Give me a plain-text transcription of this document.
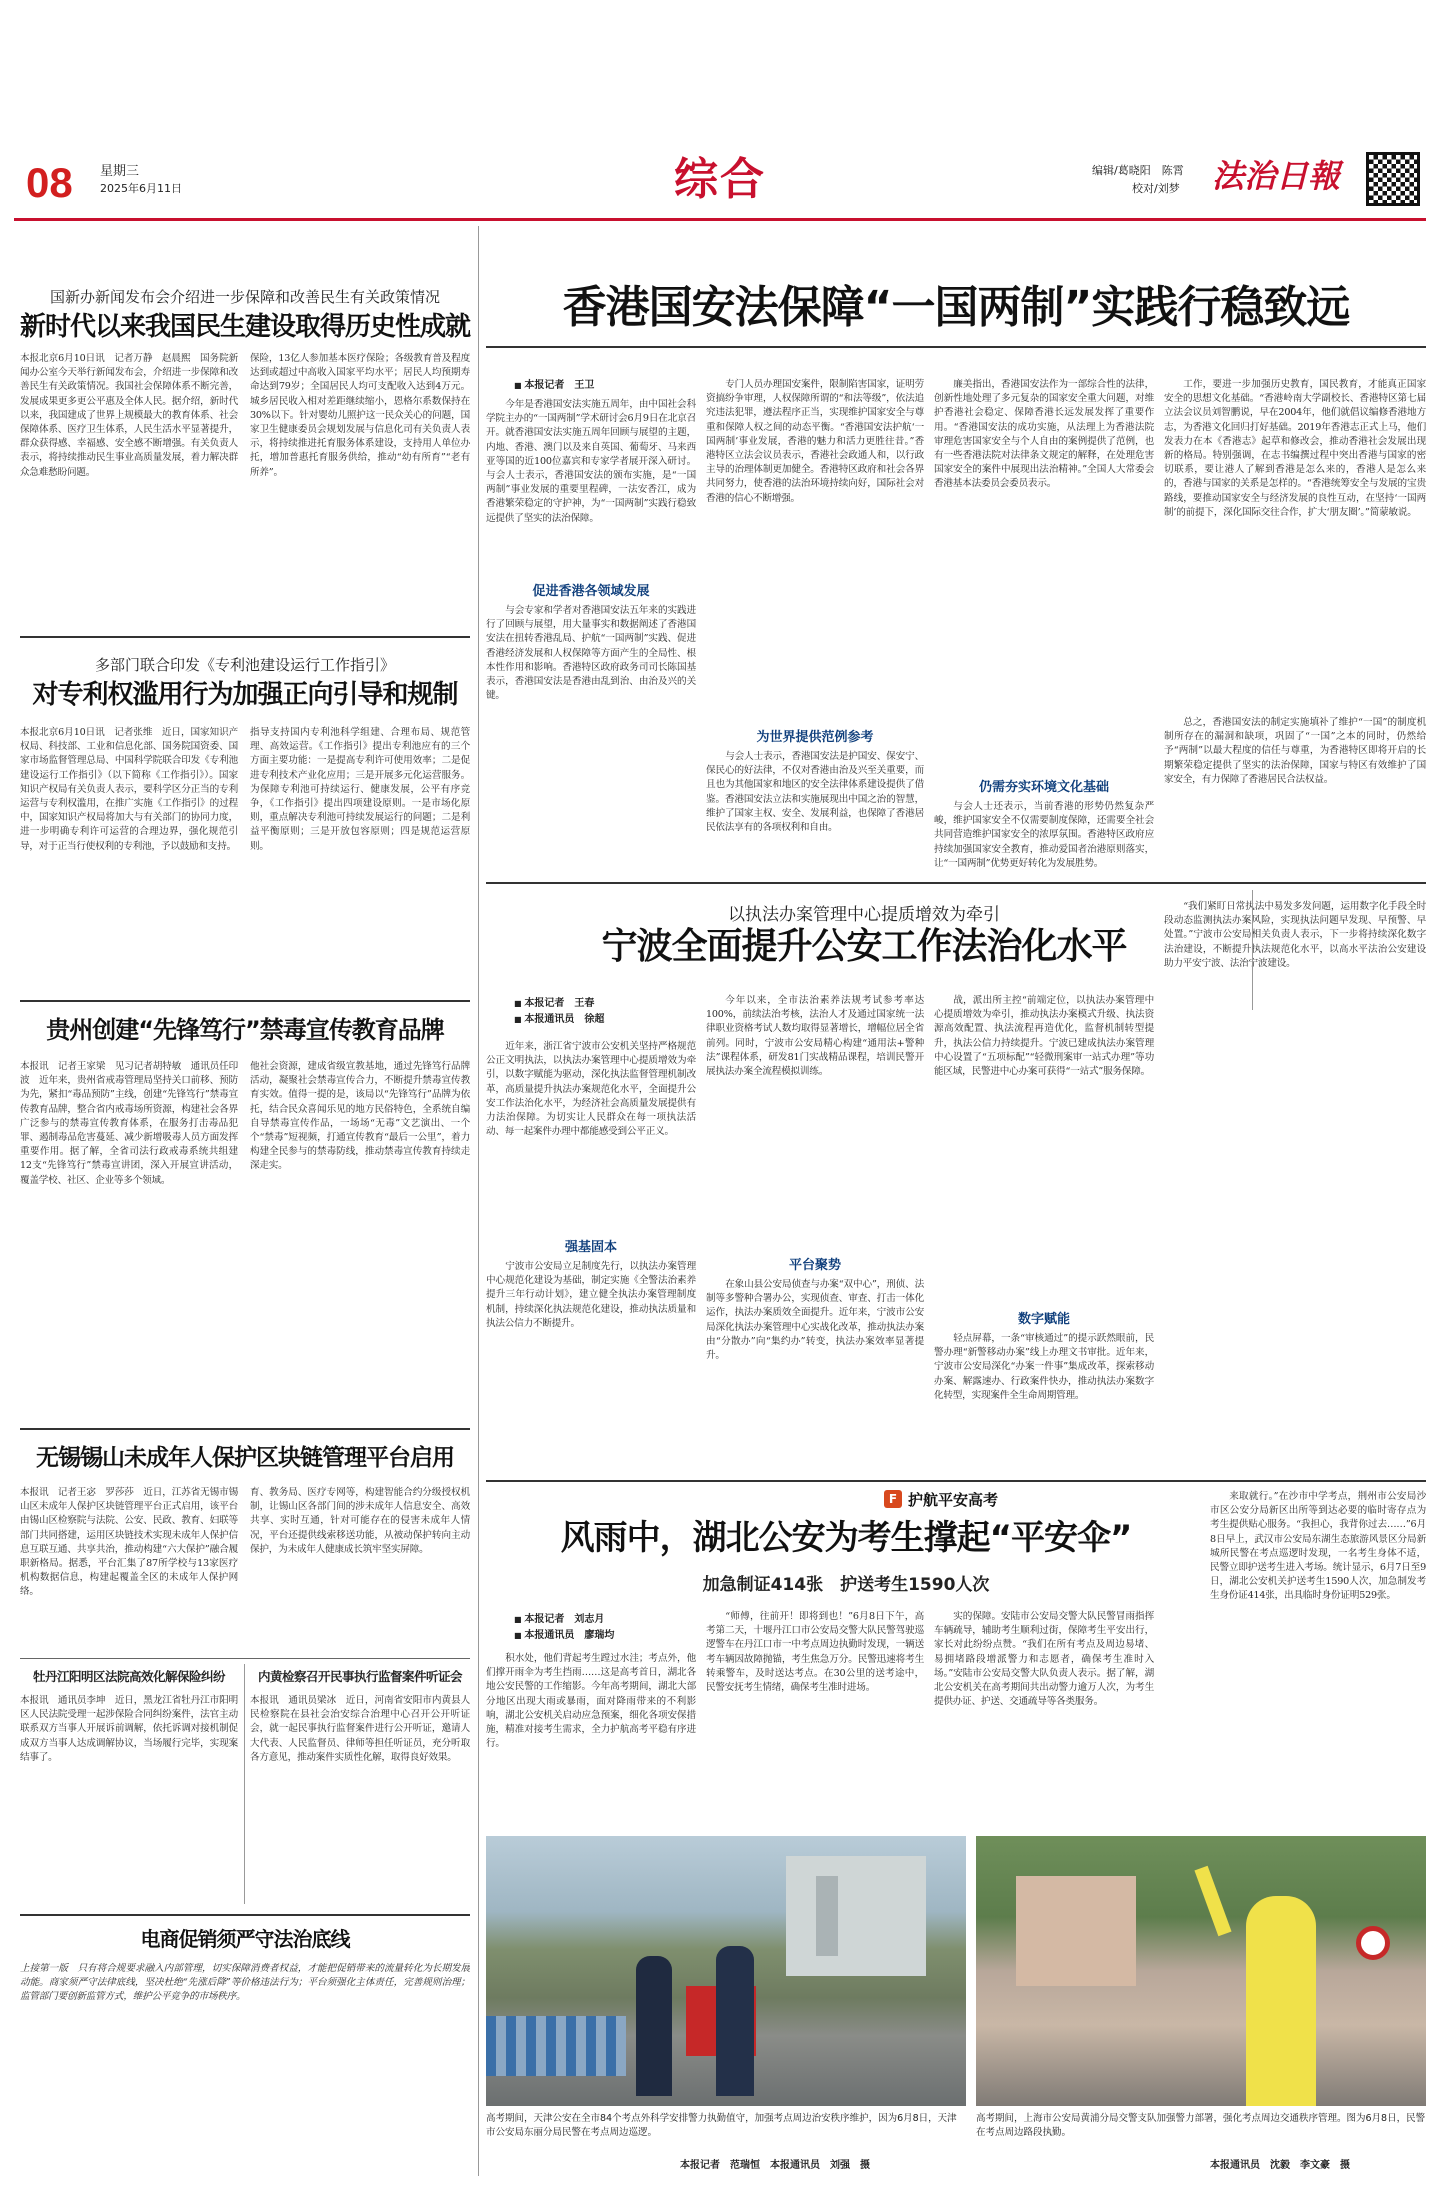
08 星期三
2025年6月11日	综合	编辑/葛晓阳　陈霄
校对/刘梦 法治日報
国新办新闻发布会介绍进一步保障和改善民生有关政策情况
新时代以来我国民生建设取得历史性成就

本报北京6月10日讯　记者万静　赵晨熙　国务院新闻办公室今天举行新闻发布会，介绍进一步保障和改善民生有关政策情况。我国社会保障体系不断完善，发展成果更多更公平惠及全体人民。据介绍，新时代以来，我国建成了世界上规模最大的教育体系、社会保障体系、医疗卫生体系，人民生活水平显著提升，群众获得感、幸福感、安全感不断增强。有关负责人表示，将持续推动民生事业高质量发展，着力解决群众急难愁盼问题。

保险，13亿人参加基本医疗保险；各级教育普及程度达到或超过中高收入国家平均水平；居民人均预期寿命达到79岁；全国居民人均可支配收入达到4万元。城乡居民收入相对差距继续缩小，恩格尔系数保持在30%以下。针对婴幼儿照护这一民众关心的问题，国家卫生健康委员会规划发展与信息化司有关负责人表示，将持续推进托育服务体系建设，支持用人单位办托，增加普惠托育服务供给，推动“幼有所育”“老有所养”。

多部门联合印发《专利池建设运行工作指引》
对专利权滥用行为加强正向引导和规制

本报北京6月10日讯　记者张维　近日，国家知识产权局、科技部、工业和信息化部、国务院国资委、国家市场监督管理总局、中国科学院联合印发《专利池建设运行工作指引》（以下简称《工作指引》）。国家知识产权局有关负责人表示，要科学区分正当的专利运营与专利权滥用，在推广实施《工作指引》的过程中，国家知识产权局将加大与有关部门的协同力度，进一步明确专利许可运营的合理边界，强化规范引导，对于正当行使权利的专利池，予以鼓励和支持。

指导支持国内专利池科学组建、合理布局、规范管理、高效运营。《工作指引》提出专利池应有的三个方面主要功能：一是提高专利许可使用效率；二是促进专利技术产业化应用；三是开展多元化运营服务。为保障专利池可持续运行、健康发展，公平有序竞争，《工作指引》提出四项建设原则。一是市场化原则，重点解决专利池可持续发展运行的问题；二是利益平衡原则；三是开放包容原则；四是规范运营原则。

贵州创建“先锋笃行”禁毒宣传教育品牌

本报讯　记者王家梁　见习记者胡特敏　通讯员任印波　近年来，贵州省戒毒管理局坚持关口前移、预防为先，紧扣“毒品预防”主线，创建“先锋笃行”禁毒宣传教育品牌，整合省内戒毒场所资源，构建社会各界广泛参与的禁毒宣传教育体系，在服务打击毒品犯罪、遏制毒品危害蔓延、减少新增吸毒人员方面发挥重要作用。据了解，全省司法行政戒毒系统共组建12支“先锋笃行”禁毒宣讲团，深入开展宣讲活动，覆盖学校、社区、企业等多个领域。

他社会资源，建成省级宣教基地，通过先锋笃行品牌活动，凝聚社会禁毒宣传合力，不断提升禁毒宣传教育实效。值得一提的是，该局以“先锋笃行”品牌为依托，结合民众喜闻乐见的地方民俗特色，全系统自编自导禁毒宣传作品，一场场“无毒”文艺演出、一个个“禁毒”短视频，打通宣传教育“最后一公里”，着力构建全民参与的禁毒防线，推动禁毒宣传教育持续走深走实。

无锡锡山未成年人保护区块链管理平台启用

本报讯　记者王宓　罗莎莎　近日，江苏省无锡市锡山区未成年人保护区块链管理平台正式启用，该平台由锡山区检察院与法院、公安、民政、教育、妇联等部门共同搭建，运用区块链技术实现未成年人保护信息互联互通、共享共治，推动构建“六大保护”融合履职新格局。据悉，平台汇集了87所学校与13家医疗机构数据信息，构建起覆盖全区的未成年人保护网络。

育、教务局、医疗专网等，构建智能合约分级授权机制，让锡山区各部门间的涉未成年人信息安全、高效共享、实时互通，针对可能存在的侵害未成年人情况，平台还提供线索移送功能，从被动保护转向主动保护，为未成年人健康成长筑牢坚实屏障。

牡丹江阳明区法院高效化解保险纠纷

本报讯　通讯员李坤　近日，黑龙江省牡丹江市阳明区人民法院受理一起涉保险合同纠纷案件，法官主动联系双方当事人开展诉前调解，依托诉调对接机制促成双方当事人达成调解协议，当场履行完毕，实现案结事了。

内黄检察召开民事执行监督案件听证会

本报讯　通讯员梁冰　近日，河南省安阳市内黄县人民检察院在县社会治安综合治理中心召开公开听证会，就一起民事执行监督案件进行公开听证，邀请人大代表、人民监督员、律师等担任听证员，充分听取各方意见，推动案件实质性化解，取得良好效果。

电商促销须严守法治底线

上接第一版　只有将合规要求融入内部管理，切实保障消费者权益，才能把促销带来的流量转化为长期发展动能。商家须严守法律底线，坚决杜绝“先涨后降”等价格违法行为；平台须强化主体责任，完善规则治理；监管部门要创新监管方式，维护公平竞争的市场秩序。

香港国安法保障“一国两制”实践行稳致远
■ 本报记者　王卫

今年是香港国安法实施五周年，由中国社会科学院主办的“一国两制”学术研讨会6月9日在北京召开。就香港国安法实施五周年回顾与展望的主题，内地、香港、澳门以及来自英国、葡萄牙、马来西亚等国的近100位嘉宾和专家学者展开深入研讨。与会人士表示，香港国安法的颁布实施，是“一国两制”事业发展的重要里程碑，一法安香江，成为香港繁荣稳定的守护神，为“一国两制”实践行稳致远提供了坚实的法治保障。

促进香港各领域发展

与会专家和学者对香港国安法五年来的实践进行了回顾与展望，用大量事实和数据阐述了香港国安法在扭转香港乱局、护航“一国两制”实践、促进香港经济发展和人权保障等方面产生的全局性、根本性作用和影响。香港特区政府政务司司长陈国基表示，香港国安法是香港由乱到治、由治及兴的关键。

专门人员办理国安案件，限制陷害国家，证明劳资搞纷争审理，人权保障所谓的“和法等级”，依法追究违法犯罪，遵法程序正当，实现维护国家安全与尊重和保障人权之间的动态平衡。“香港国安法护航‘一国两制’事业发展，香港的魅力和活力更胜往昔。”香港特区立法会议员表示，香港社会政通人和，以行政主导的治理体制更加健全。香港特区政府和社会各界共同努力，使香港的法治环境持续向好，国际社会对香港的信心不断增强。

为世界提供范例参考

与会人士表示，香港国安法是护国安、保安宁、保民心的好法律，不仅对香港由治及兴至关重要，而且也为其他国家和地区的安全法律体系建设提供了借鉴。香港国安法立法和实施展现出中国之治的智慧，维护了国家主权、安全、发展利益，也保障了香港居民依法享有的各项权利和自由。

廉美指出，香港国安法作为一部综合性的法律，创新性地处理了多元复杂的国家安全重大问题，对维护香港社会稳定、保障香港长远发展发挥了重要作用。“香港国安法的成功实施，从法理上为香港法院审理危害国家安全与个人自由的案例提供了范例，也有一些香港法院对法律条文规定的解释，在处理危害国家安全的案件中展现出法治精神。”全国人大常委会香港基本法委员会委员表示。

仍需夯实环境文化基础

与会人士还表示，当前香港的形势仍然复杂严峻，维护国家安全不仅需要制度保障，还需要全社会共同营造维护国家安全的浓厚氛围。香港特区政府应持续加强国家安全教育，推动爱国者治港原则落实，让“一国两制”优势更好转化为发展胜势。

工作，要进一步加强历史教育，国民教育，才能真正国家安全的思想文化基础。“香港岭南大学副校长、香港特区第七届立法会议员刘智鹏说，早在2004年，他们就倡议编修香港地方志，为香港文化回归打好基础。2019年香港志正式上马，他们发表力在本《香港志》起草和修改会，推动香港社会发展出现新的格局。特别强调，在志书编撰过程中突出香港与国家的密切联系，要让港人了解到香港是怎么来的，香港人是怎么来的，香港与国家的关系是怎样的。“香港统筹安全与发展的宝贵路线，要推动国家安全与经济发展的良性互动，在坚持‘一国两制’的前提下，深化国际交往合作，扩大‘朋友圈’。”简蒙敏说。

总之，香港国安法的制定实施填补了维护“一国”的制度机制所存在的漏洞和缺项，巩固了“一国”之本的同时，仍然给予“两制”以最大程度的信任与尊重，为香港特区即将开启的长期繁荣稳定提供了坚实的法治保障，国家与特区有效维护了国家安全，有力保障了香港居民合法权益。

以执法办案管理中心提质增效为牵引
宁波全面提升公安工作法治化水平
■ 本报记者　王春
■ 本报通讯员　徐超

近年来，浙江省宁波市公安机关坚持严格规范公正文明执法，以执法办案管理中心提质增效为牵引，以数字赋能为驱动，深化执法监督管理机制改革，高质量提升执法办案规范化水平，全面提升公安工作法治化水平，为经济社会高质量发展提供有力法治保障。为切实让人民群众在每一项执法活动、每一起案件办理中都能感受到公平正义。

强基固本

宁波市公安局立足制度先行，以执法办案管理中心规范化建设为基础，制定实施《全警法治素养提升三年行动计划》，建立健全执法办案管理制度机制，持续深化执法规范化建设，推动执法质量和执法公信力不断提升。

今年以来，全市法治素养法规考试参考率达100%，前续法治考核，法治人才及通过国家统一法律职业资格考试人数均取得显著增长，增幅位居全省前列。同时，宁波市公安局精心构建“通用法+警种法”课程体系，研发81门实战精品课程，培训民警开展执法办案全流程模拟训练。

平台聚势

在象山县公安局侦查与办案“双中心”，刑侦、法制等多警种合署办公，实现侦查、审查、打击一体化运作，执法办案质效全面提升。近年来，宁波市公安局深化执法办案管理中心实战化改革，推动执法办案由“分散办”向“集约办”转变，执法办案效率显著提升。

战，派出所主控“前端定位，以执法办案管理中心提质增效为牵引，推动执法办案模式升级、执法资源高效配置、执法流程再造优化，监督机制转型提升，执法公信力持续提升。宁波已建成执法办案管理中心设置了“五项标配”“轻微刑案审一站式办理”等功能区域，民警进中心办案可获得“一站式”服务保障。

数字赋能

轻点屏幕，一条“审核通过”的提示跃然眼前，民警办理“新警移动办案”线上办理文书审批。近年来，宁波市公安局深化“办案一件事”集成改革，探索移动办案、解露速办、行政案件快办，推动执法办案数字化转型，实现案件全生命周期管理。

“我们紧盯日常执法中易发多发问题，运用数字化手段全时段动态监测执法办案风险，实现执法问题早发现、早预警、早处置。”宁波市公安局相关负责人表示，下一步将持续深化数字法治建设，不断提升执法规范化水平，以高水平法治公安建设助力平安宁波、法治宁波建设。

F 护航平安高考
风雨中，湖北公安为考生撑起“平安伞”
加急制证414张　护送考生1590人次
■ 本报记者　刘志月
■ 本报通讯员　廖瑞均

积水处，他们背起考生蹚过水洼；考点外，他们撑开雨伞为考生挡雨……这是高考首日，湖北各地公安民警的工作缩影。今年高考期间，湖北大部分地区出现大雨或暴雨，面对降雨带来的不利影响，湖北公安机关启动应急预案，细化各项安保措施，精准对接考生需求，全力护航高考平稳有序进行。

“师傅，往前开！即将到也！”6月8日下午，高考第二天，十堰丹江口市公安局交警大队民警驾驶巡逻警车在丹江口市一中考点周边执勤时发现，一辆送考车辆因故障抛锚，考生焦急万分。民警迅速将考生转乘警车，及时送达考点。在30公里的送考途中，民警安抚考生情绪，确保考生准时进场。

实的保障。安陆市公安局交警大队民警冒雨指挥车辆疏导，辅助考生顺利过街，保障考生平安出行，家长对此纷纷点赞。“我们在所有考点及周边易堵、易拥堵路段增派警力和志愿者，确保考生准时入场。”安陆市公安局交警大队负责人表示。据了解，湖北公安机关在高考期间共出动警力逾万人次，为考生提供办证、护送、交通疏导等各类服务。

来取就行。”在沙市中学考点，荆州市公安局沙市区公安分局新区出所等到达必要的临时寄存点为考生提供贴心服务。“我担心，我背你过去……”6月8日早上，武汉市公安局东湖生态旅游风景区分局新城所民警在考点巡逻时发现，一名考生身体不适，民警立即护送考生进入考场。统计显示，6月7日至9日，湖北公安机关护送考生1590人次，加急制发考生身份证414张，出具临时身份证明529张。

高考期间，天津公安在全市84个考点外科学安排警力执勤值守，加强考点周边治安秩序维护，因为6月8日，天津市公安局东丽分局民警在考点周边巡逻。
本报记者　范瑞恒　本报通讯员　刘强　摄
高考期间，上海市公安局黄浦分局交警支队加强警力部署，强化考点周边交通秩序管理。图为6月8日，民警在考点周边路段执勤。
本报通讯员　沈毅　李文豪　摄
